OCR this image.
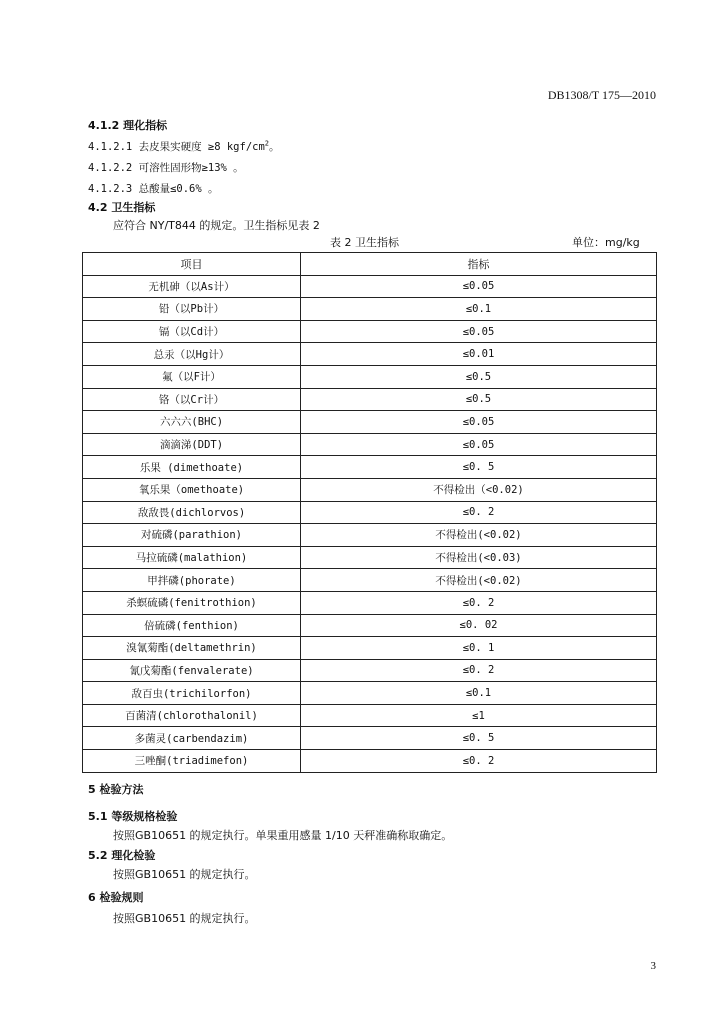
DB1308/T 175—2010
4.1.2 理化指标
4.1.2.1 去皮果实硬度 ≥8 kgf/$cm^2$。
4.1.2.2 可溶性固形物≥13% 。
4.1.2.3 总酸量≤0.6% 。
4.2 卫生指标
应符合 NY/T844 的规定。卫生指标见表 2
表 2 卫生指标	单位：mg/kg
项目	指标
无机砷（以As计）	≤0.05
铅（以Pb计）	≤0.1
镉（以Cd计）	≤0.05
总汞（以Hg计）	≤0.01
氟（以F计）	≤0.5
铬（以Cr计）	≤0.5
六六六(BHC)	≤0.05
滴滴涕(DDT)	≤0.05
乐果 (dimethoate)	≤0. 5
氧乐果（omethoate)	不得检出（<0.02)
敌敌畏(dichlorvos)	≤0. 2
对硫磷(parathion)	不得检出(<0.02)
马拉硫磷(malathion)	不得检出(<0.03)
甲拌磷(phorate)	不得检出(<0.02)
杀螟硫磷(fenitrothion)	≤0. 2
倍硫磷(fenthion)	≤0. 02
溴氰菊酯(deltamethrin)	≤0. 1
氰戊菊酯(fenvalerate)	≤0. 2
敌百虫(trichilorfon)	≤0.1
百菌清(chlorothalonil)	≤1
多菌灵(carbendazim)	≤0. 5
三唑酮(triadimefon)	≤0. 2
5 检验方法
5.1 等级规格检验
按照GB10651 的规定执行。单果重用感量 1/10 天秤准确称取确定。
5.2 理化检验
按照GB10651 的规定执行。
6 检验规则
按照GB10651 的规定执行。
3
